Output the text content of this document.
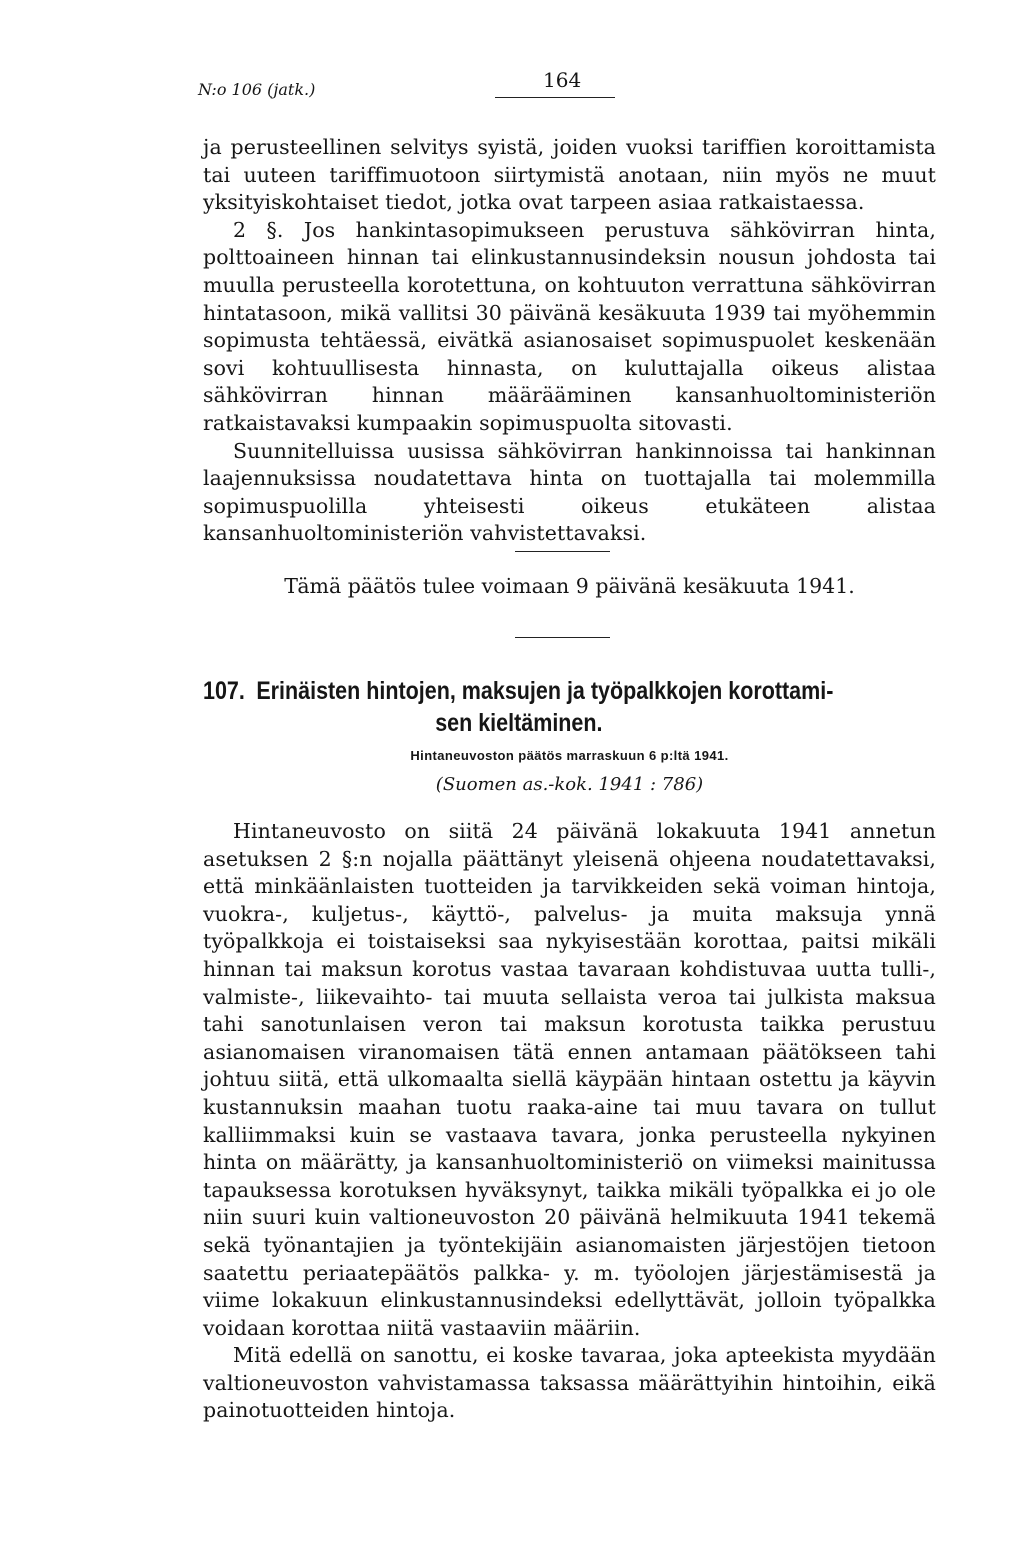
N:o 106 (jatk.)	164

ja perusteellinen selvitys syistä, joiden vuoksi tariffien koroittamista tai uuteen tariffimuotoon siirtymistä anotaan, niin myös ne muut yksityiskohtaiset tiedot, jotka ovat tarpeen asiaa ratkaistaessa.

2 §. Jos hankintasopimukseen perustuva sähkövirran hinta, polttoaineen hinnan tai elinkustannusindeksin nousun johdosta tai muulla perusteella korotettuna, on kohtuuton verrattuna sähkövirran hintatasoon, mikä vallitsi 30 päivänä kesäkuuta 1939 tai myöhemmin sopimusta tehtäessä, eivätkä asianosaiset sopimuspuolet keskenään sovi kohtuullisesta hinnasta, on kuluttajalla oikeus alistaa sähkövirran hinnan määrääminen kansanhuoltoministeriön ratkaistavaksi kumpaakin sopimuspuolta sitovasti.

Suunnitelluissa uusissa sähkövirran hankinnoissa tai hankinnan laajennuksissa noudatettava hinta on tuottajalla tai molemmilla sopimuspuolilla yhteisesti oikeus etukäteen alistaa kansanhuoltoministeriön vahvistettavaksi.

Tämä päätös tulee voimaan 9 päivänä kesäkuuta 1941.
107. Erinäisten hintojen, maksujen ja työpalkkojen korottami-
sen kieltäminen.
Hintaneuvoston päätös marraskuun 6 p:ltä 1941.
(Suomen as.-kok. 1941 : 786)

Hintaneuvosto on siitä 24 päivänä lokakuuta 1941 annetun asetuksen 2 §:n nojalla päättänyt yleisenä ohjeena noudatettavaksi, että minkäänlaisten tuotteiden ja tarvikkeiden sekä voiman hintoja, vuokra-, kuljetus-, käyttö-, palvelus- ja muita maksuja ynnä työpalkkoja ei toistaiseksi saa nykyisestään korottaa, paitsi mikäli hinnan tai maksun korotus vastaa tavaraan kohdistuvaa uutta tulli-, valmiste-, liikevaihto- tai muuta sellaista veroa tai julkista maksua tahi sanotunlaisen veron tai maksun korotusta taikka perustuu asianomaisen viranomaisen tätä ennen antamaan päätökseen tahi johtuu siitä, että ulkomaalta siellä käypään hintaan ostettu ja käyvin kustannuksin maahan tuotu raaka-aine tai muu tavara on tullut kalliimmaksi kuin se vastaava tavara, jonka perusteella nykyinen hinta on määrätty, ja kansanhuoltoministeriö on viimeksi mainitussa tapauksessa korotuksen hyväksynyt, taikka mikäli työpalkka ei jo ole niin suuri kuin valtioneuvoston 20 päivänä helmikuuta 1941 tekemä sekä työnantajien ja työntekijäin asianomaisten järjestöjen tietoon saatettu periaatepäätös palkka- y. m. työolojen järjestämisestä ja viime lokakuun elinkustannusindeksi edellyttävät, jolloin työpalkka voidaan korottaa niitä vastaaviin määriin.

Mitä edellä on sanottu, ei koske tavaraa, joka apteekista myydään valtioneuvoston vahvistamassa taksassa määrättyihin hintoihin, eikä painotuotteiden hintoja.
